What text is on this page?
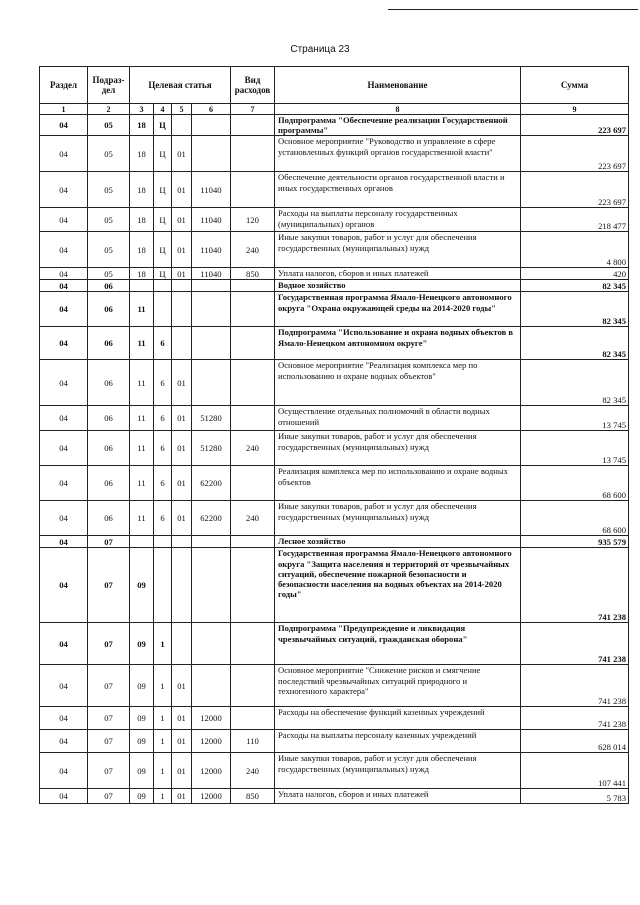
Страница 23
Раздел	Подраз-дел	Целевая статья				Вид расходов	Наименование	Сумма
1	2	3	4	5	6	7	8	9
04	05	18	Ц				Подпрограмма "Обеспечение реализации Государственной программы"	223 697
04	05	18	Ц	01			Основное мероприятие "Руководство и управление в сфере установленных функций органов государственной власти"	223 697
04	05	18	Ц	01	11040		Обеспечение деятельности органов государственной власти и иных государственных органов	223 697
04	05	18	Ц	01	11040	120	Расходы на выплаты персоналу государственных (муниципальных) органов	218 477
04	05	18	Ц	01	11040	240	Иные закупки товаров, работ и услуг для обеспечения государственных (муниципальных) нужд	4 800
04	05	18	Ц	01	11040	850	Уплата налогов, сборов и иных платежей	420
04	06						Водное хозяйство	82 345
04	06	11					Государственная программа Ямало-Ненецкого автономного округа "Охрана окружающей среды на 2014-2020 годы"	82 345
04	06	11	6				Подпрограмма "Использование и охрана водных объектов в Ямало-Ненецком автономном округе"	82 345
04	06	11	6	01			Основное мероприятие "Реализация комплекса мер по использованию и охране водных объектов"	82 345
04	06	11	6	01	51280		Осуществление отдельных полномочий в области водных отношений	13 745
04	06	11	6	01	51280	240	Иные закупки товаров, работ и услуг для обеспечения государственных (муниципальных) нужд	13 745
04	06	11	6	01	62200		Реализация комплекса мер по использованию и охране водных объектов	68 600
04	06	11	6	01	62200	240	Иные закупки товаров, работ и услуг для обеспечения государственных (муниципальных) нужд	68 600
04	07						Лесное хозяйство	935 579
04	07	09					Государственная программа Ямало-Ненецкого автономного округа "Защита населения и территорий от чрезвычайных ситуаций, обеспечение пожарной безопасности и безопасности населения на водных объектах на 2014-2020 годы"	741 238
04	07	09	1				Подпрограмма "Предупреждение и ликвидация чрезвычайных ситуаций, гражданская оборона"	741 238
04	07	09	1	01			Основное мероприятие "Снижение рисков и смягчение последствий чрезвычайных ситуаций природного и техногенного характера"	741 238
04	07	09	1	01	12000		Расходы на обеспечение функций казенных учреждений	741 238
04	07	09	1	01	12000	110	Расходы на выплаты персоналу казенных учреждений	628 014
04	07	09	1	01	12000	240	Иные закупки товаров, работ и услуг для обеспечения государственных (муниципальных) нужд	107 441
04	07	09	1	01	12000	850	Уплата налогов, сборов и иных платежей	5 783
